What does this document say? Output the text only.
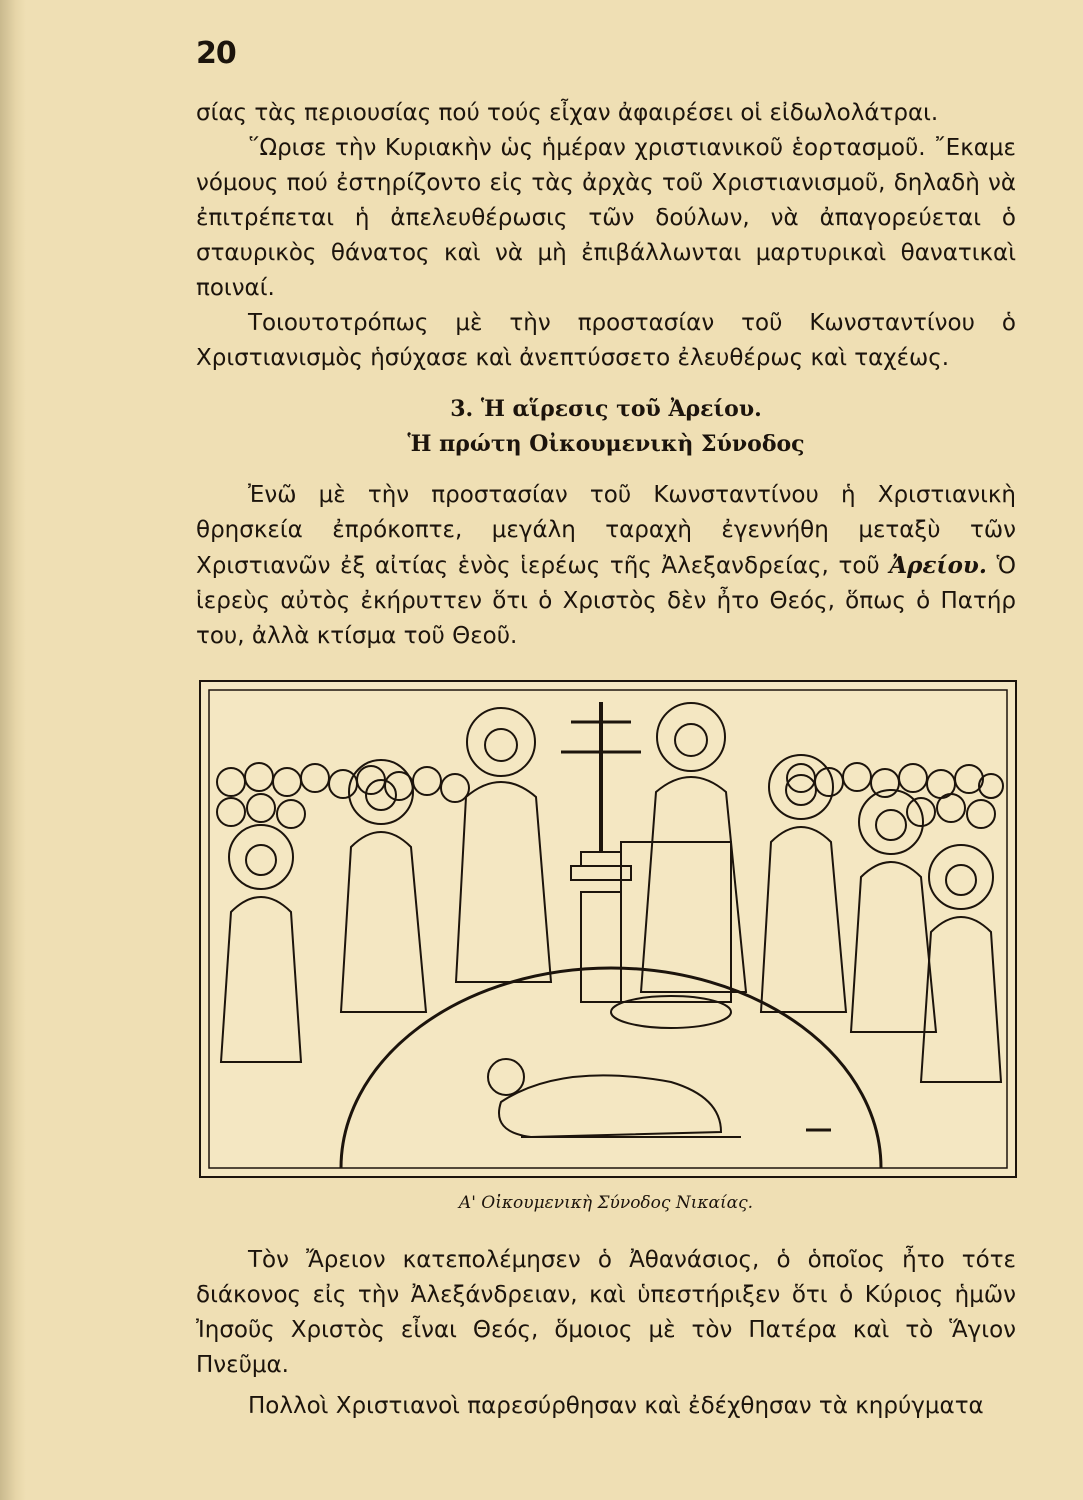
20

σίας τὰς περιουσίας πού τούς εἶχαν ἀφαιρέσει οἱ εἰδωλολάτραι.

῞Ωρισε τὴν Κυριακὴν ὡς ἡμέραν χριστιανικοῦ ἑορτασμοῦ. ῎Εκαμε νόμους πού ἐστηρίζοντο εἰς τὰς ἀρχὰς τοῦ Χριστιανισμοῦ, δηλαδὴ νὰ ἐπιτρέπεται ἡ ἀπελευθέρωσις τῶν δούλων, νὰ ἀπαγορεύεται ὁ σταυρικὸς θάνατος καὶ νὰ μὴ ἐπιβάλλωνται μαρτυρικαὶ θανατικαὶ ποιναί.

Τοιουτοτρόπως μὲ τὴν προστασίαν τοῦ Κωνσταντίνου ὁ Χριστιανισμὸς ἡσύχασε καὶ ἀνεπτύσσετο ἐλευθέρως καὶ ταχέως.

3. Ἡ αἵρεσις τοῦ Ἀρείου.
Ἡ πρώτη Οἰκουμενικὴ Σύνοδος

Ἐνῶ μὲ τὴν προστασίαν τοῦ Κωνσταντίνου ἡ Χριστιανικὴ θρησκεία ἐπρόκοπτε, μεγάλη ταραχὴ ἐγεννήθη μεταξὺ τῶν Χριστιανῶν ἐξ αἰτίας ἑνὸς ἱερέως τῆς Ἀλεξανδρείας, τοῦ Ἀρείου. Ὁ ἱερεὺς αὐτὸς ἐκήρυττεν ὅτι ὁ Χριστὸς δὲν ἦτο Θεός, ὅπως ὁ Πατήρ του, ἀλλὰ κτίσμα τοῦ Θεοῦ.

Α' Οἰκουμενικὴ Σύνοδος Νικαίας.

Τὸν Ἄρειον κατεπολέμησεν ὁ Ἀθανάσιος, ὁ ὁποῖος ἦτο τότε διάκονος εἰς τὴν Ἀλεξάνδρειαν, καὶ ὑπεστήριξεν ὅτι ὁ Κύριος ἡμῶν Ἰησοῦς Χριστὸς εἶναι Θεός, ὅμοιος μὲ τὸν Πατέρα καὶ τὸ Ἅγιον Πνεῦμα.

Πολλοὶ Χριστιανοὶ παρεσύρθησαν καὶ ἐδέχθησαν τὰ κηρύγματα
